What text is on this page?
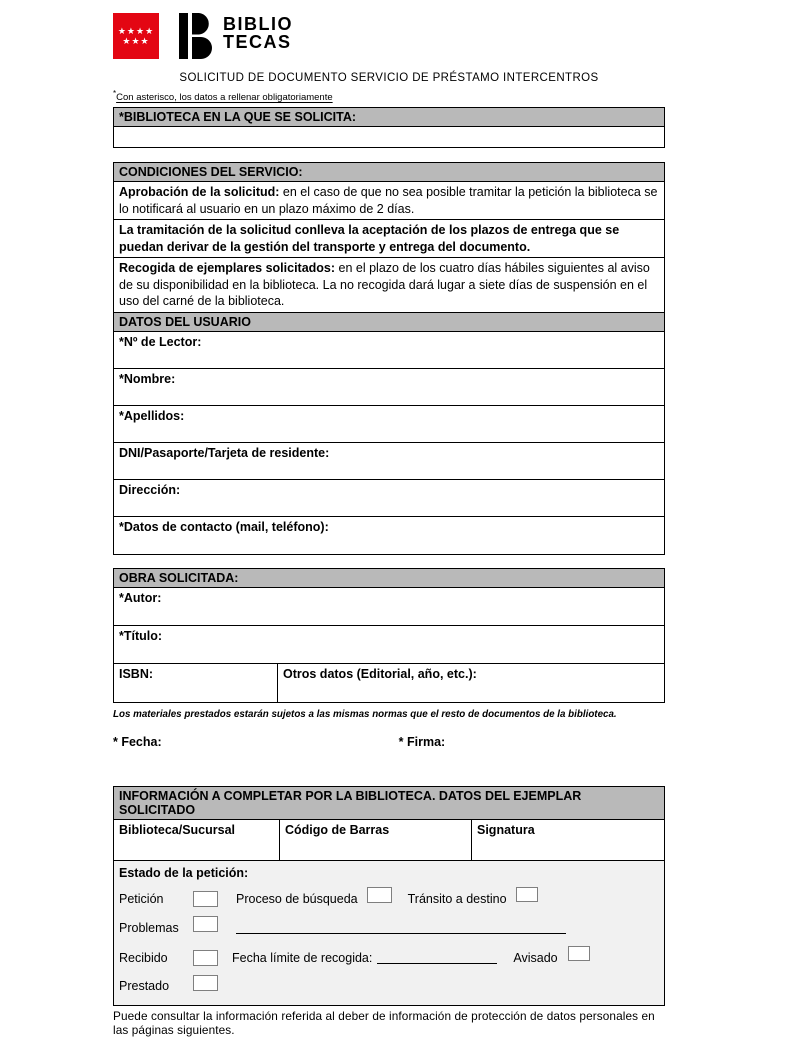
★★★★
★★★
BIBLIO
TECAS
SOLICITUD DE DOCUMENTO SERVICIO DE PRÉSTAMO INTERCENTROS
*Con asterisco, los datos a rellenar obligatoriamente
*BIBLIOTECA EN LA QUE SE SOLICITA:
CONDICIONES DEL SERVICIO:
Aprobación de la solicitud: en el caso de que no sea posible tramitar la petición la biblioteca se lo notificará al usuario en un plazo máximo de 2 días.
La tramitación de la solicitud conlleva la aceptación de los plazos de entrega que se puedan derivar de la gestión del transporte y entrega del documento.
Recogida de ejemplares solicitados: en el plazo de los cuatro días hábiles siguientes al aviso de su disponibilidad en la biblioteca. La no recogida dará lugar a siete días de suspensión en el uso del carné de la biblioteca.
DATOS DEL USUARIO
*Nº de Lector:
*Nombre:
*Apellidos:
DNI/Pasaporte/Tarjeta de residente:
Dirección:
*Datos de contacto (mail, teléfono):
OBRA SOLICITADA:
*Autor:
*Título:
ISBN:	Otros datos (Editorial, año, etc.):
Los materiales prestados estarán sujetos a las mismas normas que el resto de documentos de la biblioteca.
* Fecha:	* Firma:
INFORMACIÓN A COMPLETAR POR LA BIBLIOTECA. DATOS DEL EJEMPLAR SOLICITADO
Biblioteca/Sucursal	Código de Barras	Signatura
Estado de la petición:
Petición	Proceso de búsqueda	Tránsito a destino
Problemas
Recibido	Fecha límite de recogida:	Avisado
Prestado
Puede consultar la información referida al deber de información de protección de datos personales en las páginas siguientes.
